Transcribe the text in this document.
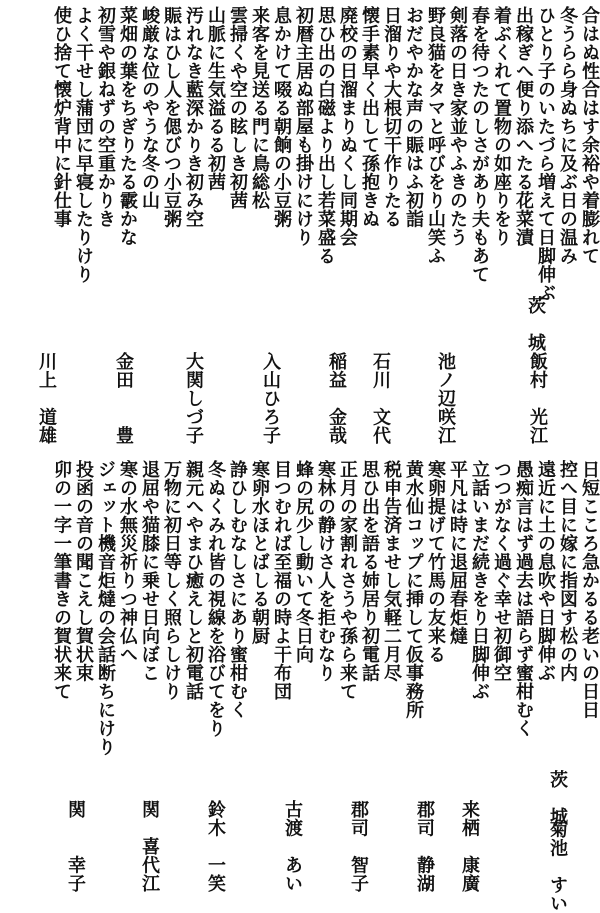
合はぬ性合はす余裕や着膨れて
冬うらら身ぬちに及ぶ日の温み
ひとり子のいたづら増えて日脚伸ぶ
出稼ぎへ便り添へたる花菜漬
着ぶくれて置物の如座りをり
春を待つたのしさがあり夫もあて
剣落の日き家並やふきのたう
野良猫をタマと呼びをり山笑ふ
おだやかな声の賑はふ初詣
日溜りや大根切干作りたる
懐手素早く出して孫抱きぬ
廃校の日溜まりぬくし同期会
思ひ出の白磁より出し若菜盛る
初暦主居ぬ部屋も掛けにけり
息かけて啜る朝餉の小豆粥
来客を見送る門に鳥総松
雲掃くや空の眩しき初茜
山脈に生気溢るる初茜
汚れなき藍深かりき初み空
賑はひし人を偲びつ小豆粥
峻厳な位のやうな冬の山
菜畑の葉をちぎりたる霰かな
初雪や銀ねずの空重かりき
よく干せし蒲団に早寝したりけり
使ひ捨て懐炉背中に針仕事
茨　城
飯村　光江
池ノ辺咲江
石川　文代
稲益　金哉
入山ひろ子
大関しづ子
金田　　豊
川上　道雄
日短こころ急かるる老いの日日
控へ目に嫁に指図す松の内
遠近に土の息吹や日脚伸ぶ
愚痴言はず過去は語らず蜜柑むく
つつがなく過ぐ幸せ初御空
立話いまだ続きをり日脚伸ぶ
平凡は時に退屈春炬燵
寒卵提げて竹馬の友来る
黄水仙コップに挿して仮事務所
税申告済ませし気軽二月尽
思ひ出を語る姉居り初電話
正月の家割れさうや孫ら来て
寒林の静けさ人を拒むなり
蜂の尻少し動いて冬日向
目つむれば至福の時よ干布団
寒卵水ほとばしる朝厨
諍ひしむなしさにあり蜜柑むく
冬ぬくみれ皆の視線を浴びてをり
親元へやまひ癒えしと初電話
万物に初日等しく照らしけり
退屈や猫膝に乗せ日向ぼこ
寒の水無災祈りつ神仏へ
ジェット機音炬燵の会話断ちにけり
投函の音の聞こえし賀状束
卯の一字一筆書きの賀状来て
茨　城
菊池　すい
来栖　康廣
郡司　静湖
郡司　智子
古渡　あい
鈴木　一笑
関　喜代江
関　　幸子
